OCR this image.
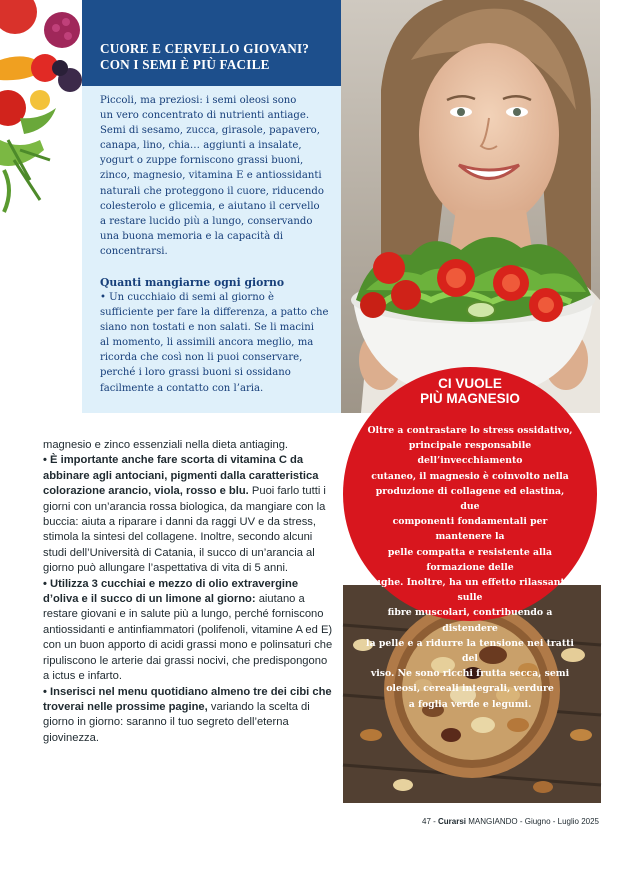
CUORE E CERVELLO GIOVANI?
CON I SEMI È PIÙ FACILE
Piccoli, ma preziosi: i semi oleosi sono
un vero concentrato di nutrienti antiage.
Semi di sesamo, zucca, girasole, papavero,
canapa, lino, chia… aggiunti a insalate,
yogurt o zuppe forniscono grassi buoni,
zinco, magnesio, vitamina E e antiossidanti
naturali che proteggono il cuore, riducendo
colesterolo e glicemia, e aiutano il cervello
a restare lucido più a lungo, conservando
una buona memoria e la capacità di
concentrarsi.
Quanti mangiarne ogni giorno
• Un cucchiaio di semi al giorno è
sufficiente per fare la differenza, a patto che
siano non tostati e non salati. Se li macini
al momento, li assimili ancora meglio, ma
ricorda che così non li puoi conservare,
perché i loro grassi buoni si ossidano
facilmente a contatto con l’aria.	CI VUOLE
PIÙ MAGNESIO
Oltre a contrastare lo stress ossidativo,
principale responsabile dell’invecchiamento
cutaneo, il magnesio è coinvolto nella
produzione di collagene ed elastina, due
componenti fondamentali per mantenere la
pelle compatta e resistente alla formazione delle
rughe. Inoltre, ha un effetto rilassante sulle
fibre muscolari, contribuendo a distendere
la pelle e a ridurre la tensione nei tratti del
viso. Ne sono ricchi frutta secca, semi
oleosi, cereali integrali, verdure
a foglia verde e legumi.

magnesio e zinco essenziali nella dieta antiaging.

• È importante anche fare scorta di vitamina C da abbinare agli antociani, pigmenti dalla caratteristica colorazione arancio, viola, rosso e blu. Puoi farlo tutti i giorni con un’arancia rossa biologica, da mangiare con la buccia: aiuta a riparare i danni da raggi UV e da stress, stimola la sintesi del collagene. Inoltre, secondo alcuni studi dell’Università di Catania, il succo di un’arancia al giorno può allungare l’aspettativa di vita di 5 anni.

• Utilizza 3 cucchiai e mezzo di olio extravergine d’oliva e il succo di un limone al giorno: aiutano a restare giovani e in salute più a lungo, perché forniscono antiossidanti e antinfiammatori (polifenoli, vitamine A ed E) con un buon apporto di acidi grassi mono e polinsaturi che ripuliscono le arterie dai grassi nocivi, che predispongono a ictus e infarto.

• Inserisci nel menu quotidiano almeno tre dei cibi che troverai nelle prossime pagine, variando la scelta di giorno in giorno: saranno il tuo segreto dell’eterna giovinezza.

47 - Curarsi MANGIANDO - Giugno - Luglio 2025
